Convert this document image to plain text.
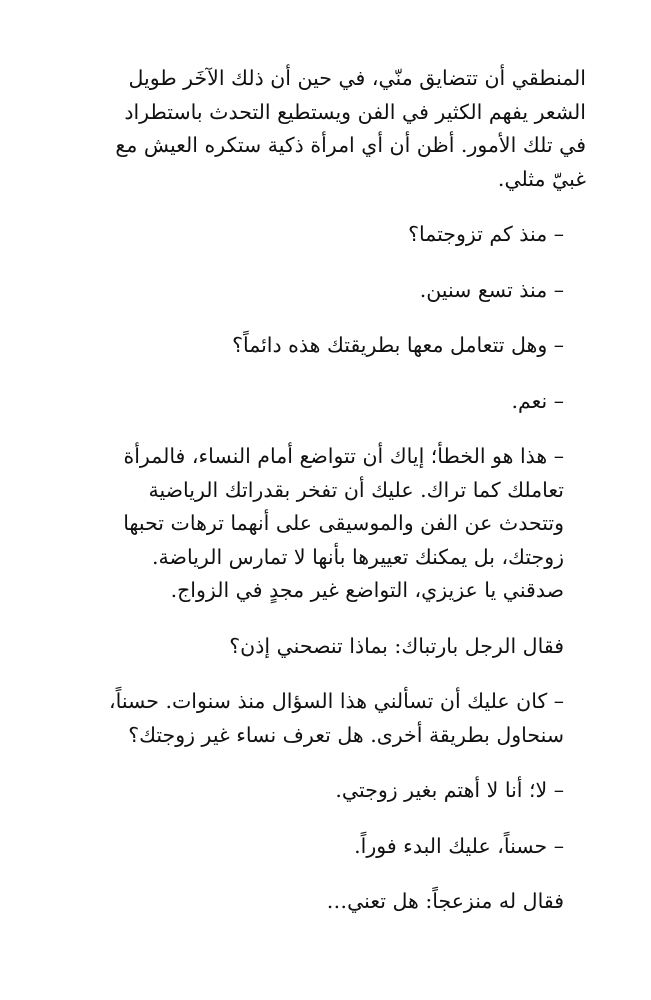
المنطقي أن تتضايق منّي، في حين أن ذلك الآخَر طويل
الشعر يفهم الكثير في الفن ويستطيع التحدث باستطراد
في تلك الأمور. أظن أن أي امرأة ذكية ستكره العيش مع
غبيّ مثلي.

– منذ كم تزوجتما؟

– منذ تسع سنين.

– وهل تتعامل معها بطريقتك هذه دائماً؟

– نعم.

– هذا هو الخطأ؛ إياك أن تتواضع أمام النساء، فالمرأة
تعاملك كما تراك. عليك أن تفخر بقدراتك الرياضية
وتتحدث عن الفن والموسيقى على أنهما ترهات تحبها
زوجتك، بل يمكنك تعييرها بأنها لا تمارس الرياضة.
صدقني يا عزيزي، التواضع غير مجدٍ في الزواج.

فقال الرجل بارتباك: بماذا تنصحني إذن؟

– كان عليك أن تسألني هذا السؤال منذ سنوات. حسناً،
سنحاول بطريقة أخرى. هل تعرف نساء غير زوجتك؟

– لا؛ أنا لا أهتم بغير زوجتي.

– حسناً، عليك البدء فوراً.

فقال له منزعجاً: هل تعني…
